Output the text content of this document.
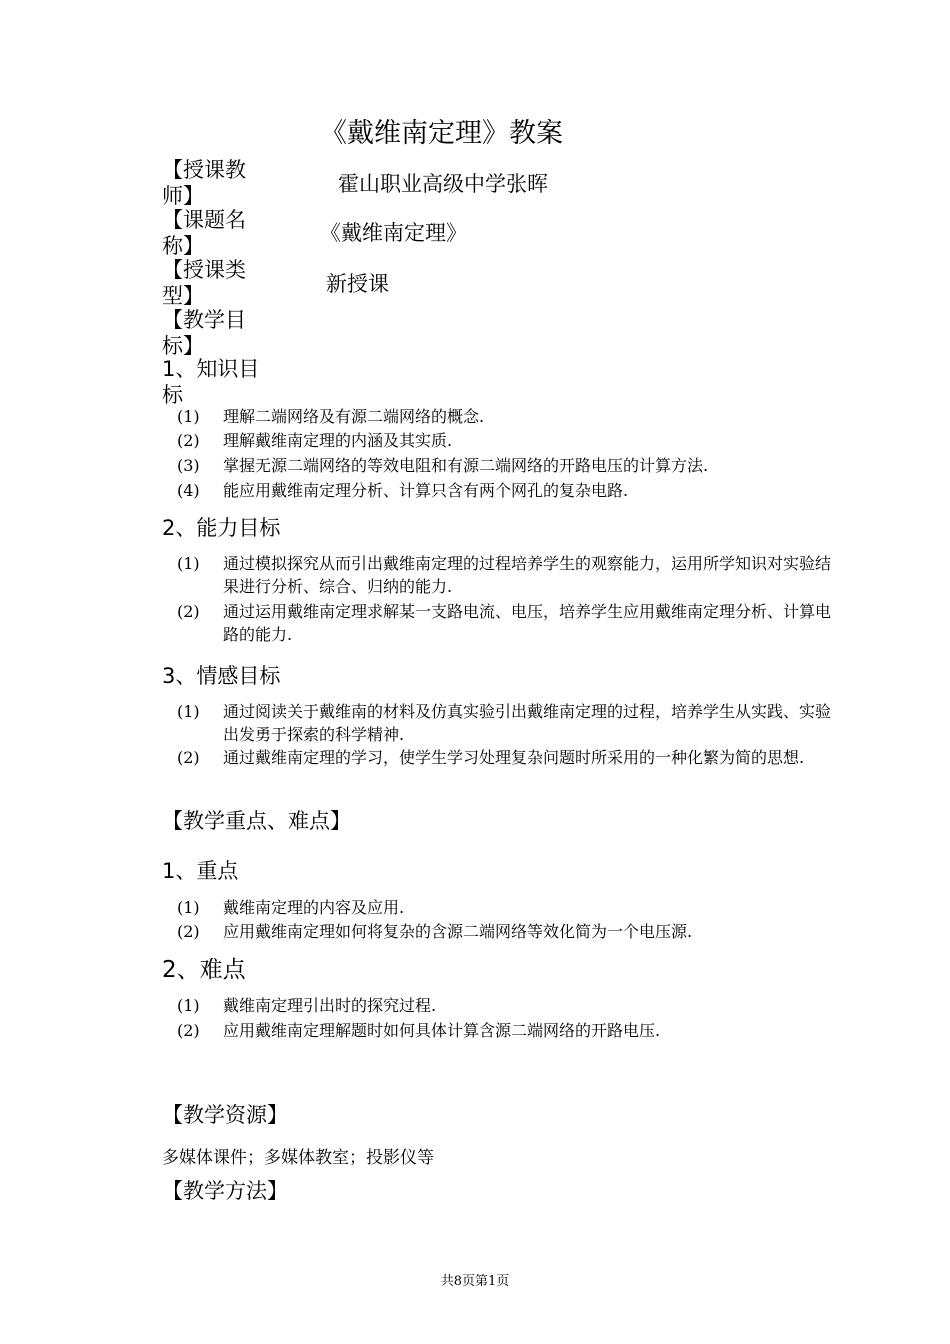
《戴维南定理》教案
【授课教师】	霍山职业高级中学张晖
【课题名称】
《戴维南定理》
【授课类型】	新授课
【教学目标】
1、知识目标
(1) 理解二端网络及有源二端网络的概念.
(2) 理解戴维南定理的内涵及其实质.
(3) 掌握无源二端网络的等效电阻和有源二端网络的开路电压的计算方法.
(4) 能应用戴维南定理分析、计算只含有两个网孔的复杂电路.
2、能力目标
(1) 通过模拟探究从而引出戴维南定理的过程培养学生的观察能力，运用所学知识对实验结果进行分析、综合、归纳的能力.
(2) 通过运用戴维南定理求解某一支路电流、电压，培养学生应用戴维南定理分析、计算电路的能力.
3、情感目标
(1) 通过阅读关于戴维南的材料及仿真实验引出戴维南定理的过程，培养学生从实践、实验出发勇于探索的科学精神.
(2) 通过戴维南定理的学习，使学生学习处理复杂问题时所采用的一种化繁为简的思想.
【教学重点、难点】
1、重点
(1) 戴维南定理的内容及应用.
(2) 应用戴维南定理如何将复杂的含源二端网络等效化简为一个电压源.
2、难点
(1) 戴维南定理引出时的探究过程.
(2) 应用戴维南定理解题时如何具体计算含源二端网络的开路电压.
【教学资源】
多媒体课件；多媒体教室；投影仪等
【教学方法】
共8页第1页
